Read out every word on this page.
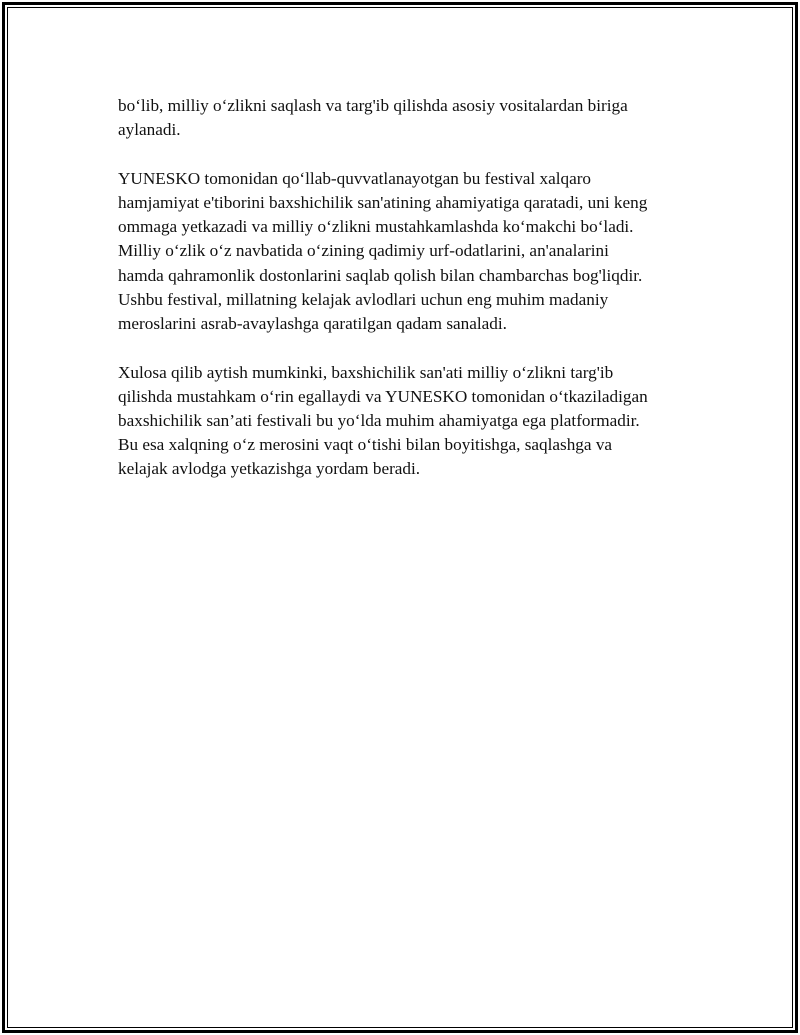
bo‘lib, milliy o‘zlikni saqlash va targ'ib qilishda asosiy vositalardan biriga
aylanadi.

YUNESKO tomonidan qo‘llab-quvvatlanayotgan bu festival xalqaro
hamjamiyat e'tiborini baxshichilik san'atining ahamiyatiga qaratadi, uni keng
ommaga yetkazadi va milliy o‘zlikni mustahkamlashda ko‘makchi bo‘ladi.
Milliy o‘zlik o‘z navbatida o‘zining qadimiy urf-odatlarini, an'analarini
hamda qahramonlik dostonlarini saqlab qolish bilan chambarchas bog'liqdir.
Ushbu festival, millatning kelajak avlodlari uchun eng muhim madaniy
meroslarini asrab-avaylashga qaratilgan qadam sanaladi.

Xulosa qilib aytish mumkinki, baxshichilik san'ati milliy o‘zlikni targ'ib
qilishda mustahkam o‘rin egallaydi va YUNESKO tomonidan o‘tkaziladigan
baxshichilik san’ati festivali bu yo‘lda muhim ahamiyatga ega platformadir.
Bu esa xalqning o‘z merosini vaqt o‘tishi bilan boyitishga, saqlashga va
kelajak avlodga yetkazishga yordam beradi.
